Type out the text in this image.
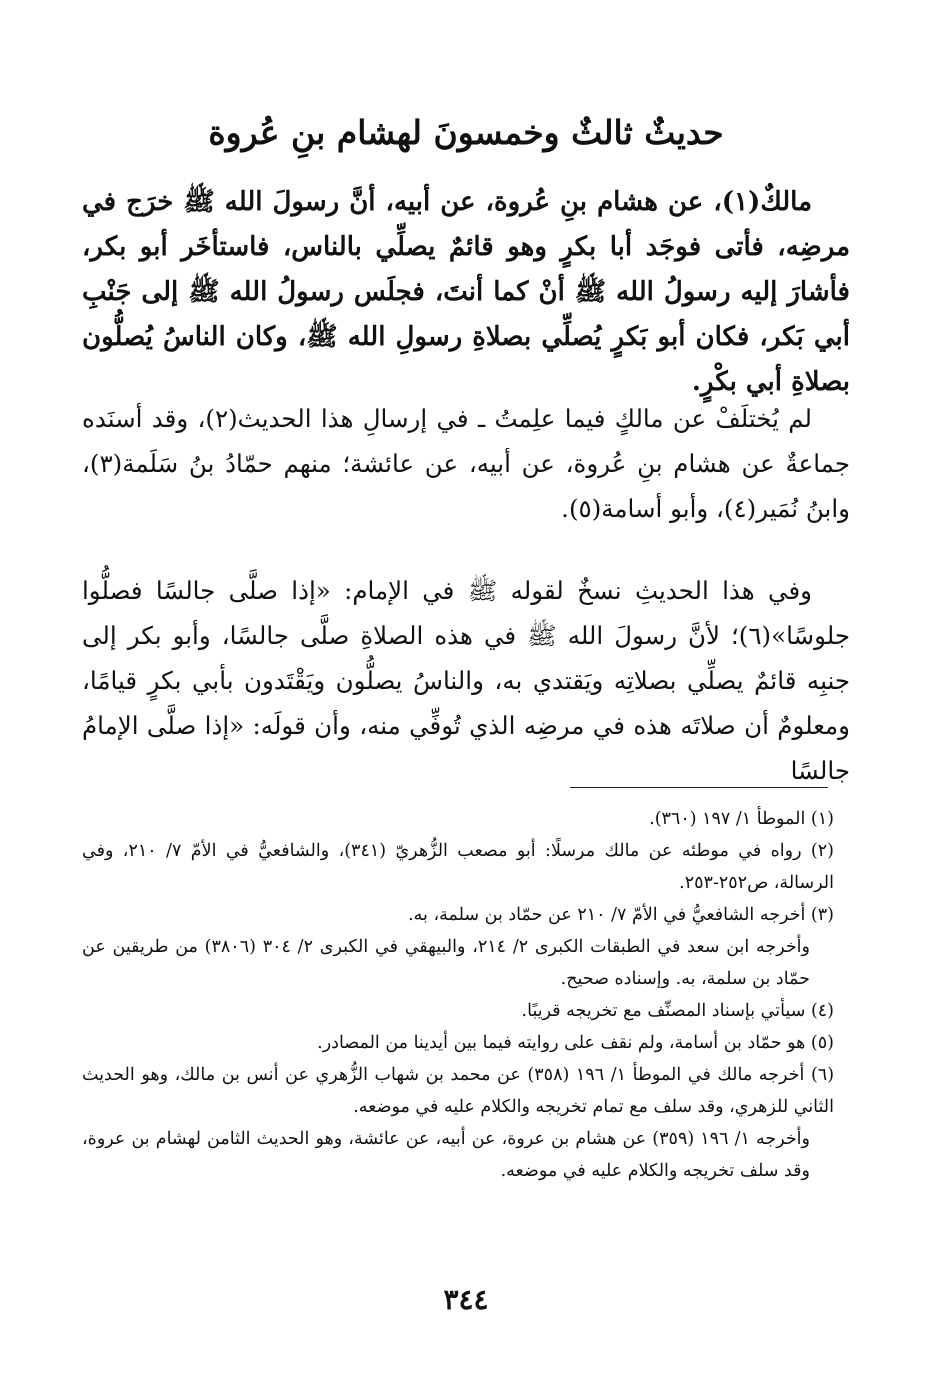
حديثٌ ثالثٌ وخمسونَ لهشام بنِ عُروة

مالكٌ(١)، عن هشام بنِ عُروة، عن أبيه، أنَّ رسولَ الله ﷺ خرَج في مرضِه، فأتى فوجَد أبا بكرٍ وهو قائمٌ يصلِّي بالناس، فاستأخَر أبو بكر، فأشارَ إليه رسولُ الله ﷺ أنْ كما أنتَ، فجلَس رسولُ الله ﷺ إلى جَنْبِ أبي بَكر، فكان أبو بَكرٍ يُصلِّي بصلاةِ رسولِ الله ﷺ، وكان الناسُ يُصلُّون بصلاةِ أبي بكْرٍ.

لم يُختلَفْ عن مالكٍ فيما علِمتُ ـ في إرسالِ هذا الحديث(٢)، وقد أسنَده جماعةٌ عن هشام بنِ عُروة، عن أبيه، عن عائشة؛ منهم حمّادُ بنُ سَلَمة(٣)، وابنُ نُمَير(٤)، وأبو أسامة(٥).

وفي هذا الحديثِ نسخٌ لقوله ﷺ في الإمام: «إذا صلَّى جالسًا فصلُّوا جلوسًا»(٦)؛ لأنَّ رسولَ الله ﷺ في هذه الصلاةِ صلَّى جالسًا، وأبو بكر إلى جنبِه قائمٌ يصلِّي بصلاتِه ويَقتدي به، والناسُ يصلُّون ويَقْتَدون بأبي بكرٍ قيامًا، ومعلومٌ أن صلاتَه هذه في مرضِه الذي تُوفِّي منه، وأن قولَه: «إذا صلَّى الإمامُ جالسًا

(١) الموطأ ١/ ١٩٧ (٣٦٠).

(٢) رواه في موطئه عن مالك مرسلًا: أبو مصعب الزُّهريّ (٣٤١)، والشافعيُّ في الأمّ ٧/ ٢١٠، وفي الرسالة، ص٢٥٢-٢٥٣.

(٣) أخرجه الشافعيُّ في الأمّ ٧/ ٢١٠ عن حمّاد بن سلمة، به.

وأخرجه ابن سعد في الطبقات الكبرى ٢/ ٢١٤، والبيهقي في الكبرى ٢/ ٣٠٤ (٣٨٠٦) من طريقين عن حمّاد بن سلمة، به. وإسناده صحيح.

(٤) سيأتي بإسناد المصنِّف مع تخريجه قريبًا.

(٥) هو حمّاد بن أسامة، ولم نقف على روايته فيما بين أيدينا من المصادر.

(٦) أخرجه مالك في الموطأ ١/ ١٩٦ (٣٥٨) عن محمد بن شهاب الزُّهري عن أنس بن مالك، وهو الحديث الثاني للزهري، وقد سلف مع تمام تخريجه والكلام عليه في موضعه.

وأخرجه ١/ ١٩٦ (٣٥٩) عن هشام بن عروة، عن أبيه، عن عائشة، وهو الحديث الثامن لهشام بن عروة، وقد سلف تخريجه والكلام عليه في موضعه.

٣٤٤
